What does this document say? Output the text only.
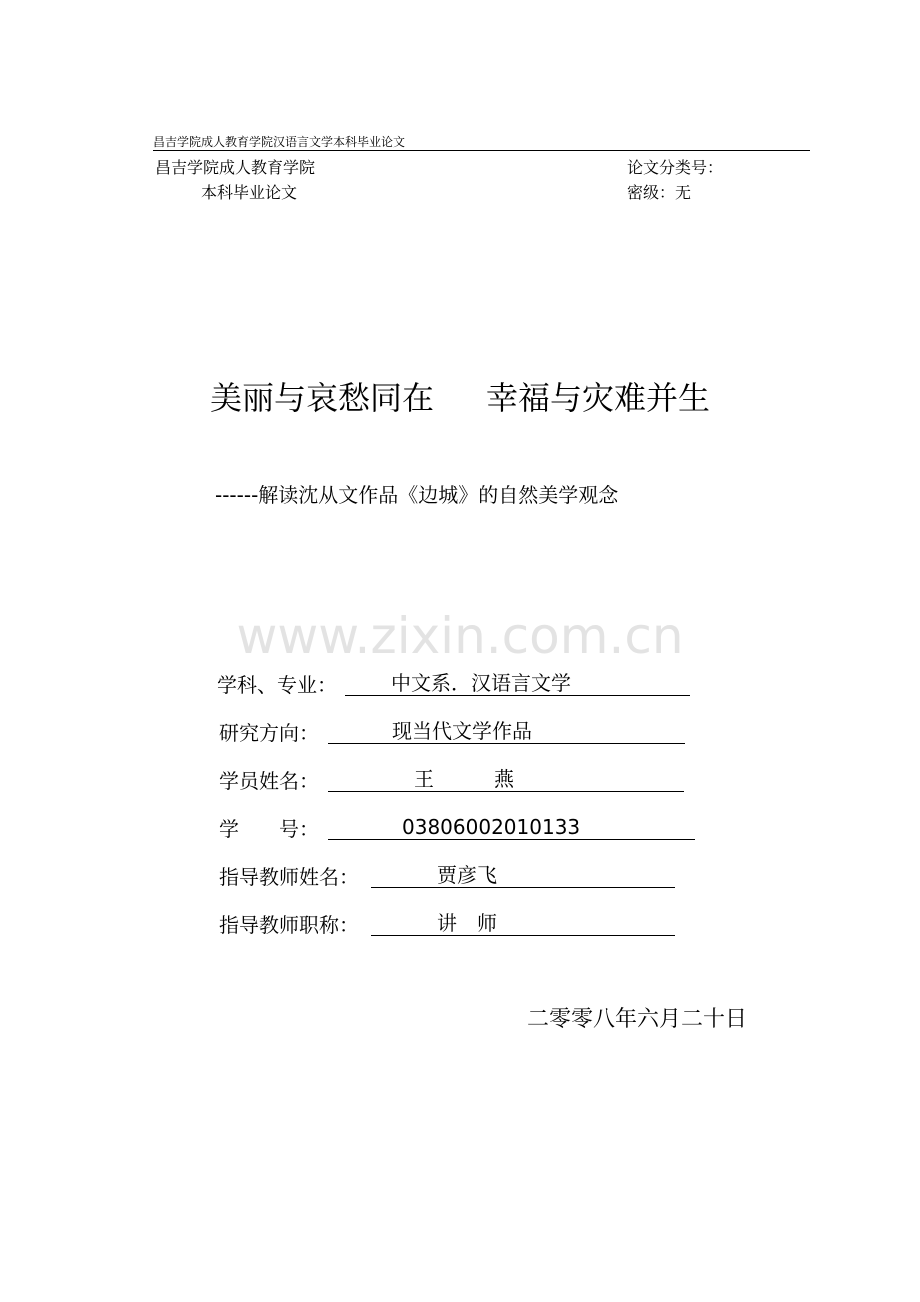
昌吉学院成人教育学院汉语言文学本科毕业论文
昌吉学院成人教育学院
本科毕业论文
论文分类号：
密级：无
美丽与哀愁同在 幸福与灾难并生
------解读沈从文作品《边城》的自然美学观念
www.zixin.com.cn
学科、专业：	中文系．汉语言文学
研究方向：	现当代文学作品
学员姓名：	王　　　燕
学　　号：	03806002010133
指导教师姓名：	贾彦飞
指导教师职称：	讲　师
二零零八年六月二十日
